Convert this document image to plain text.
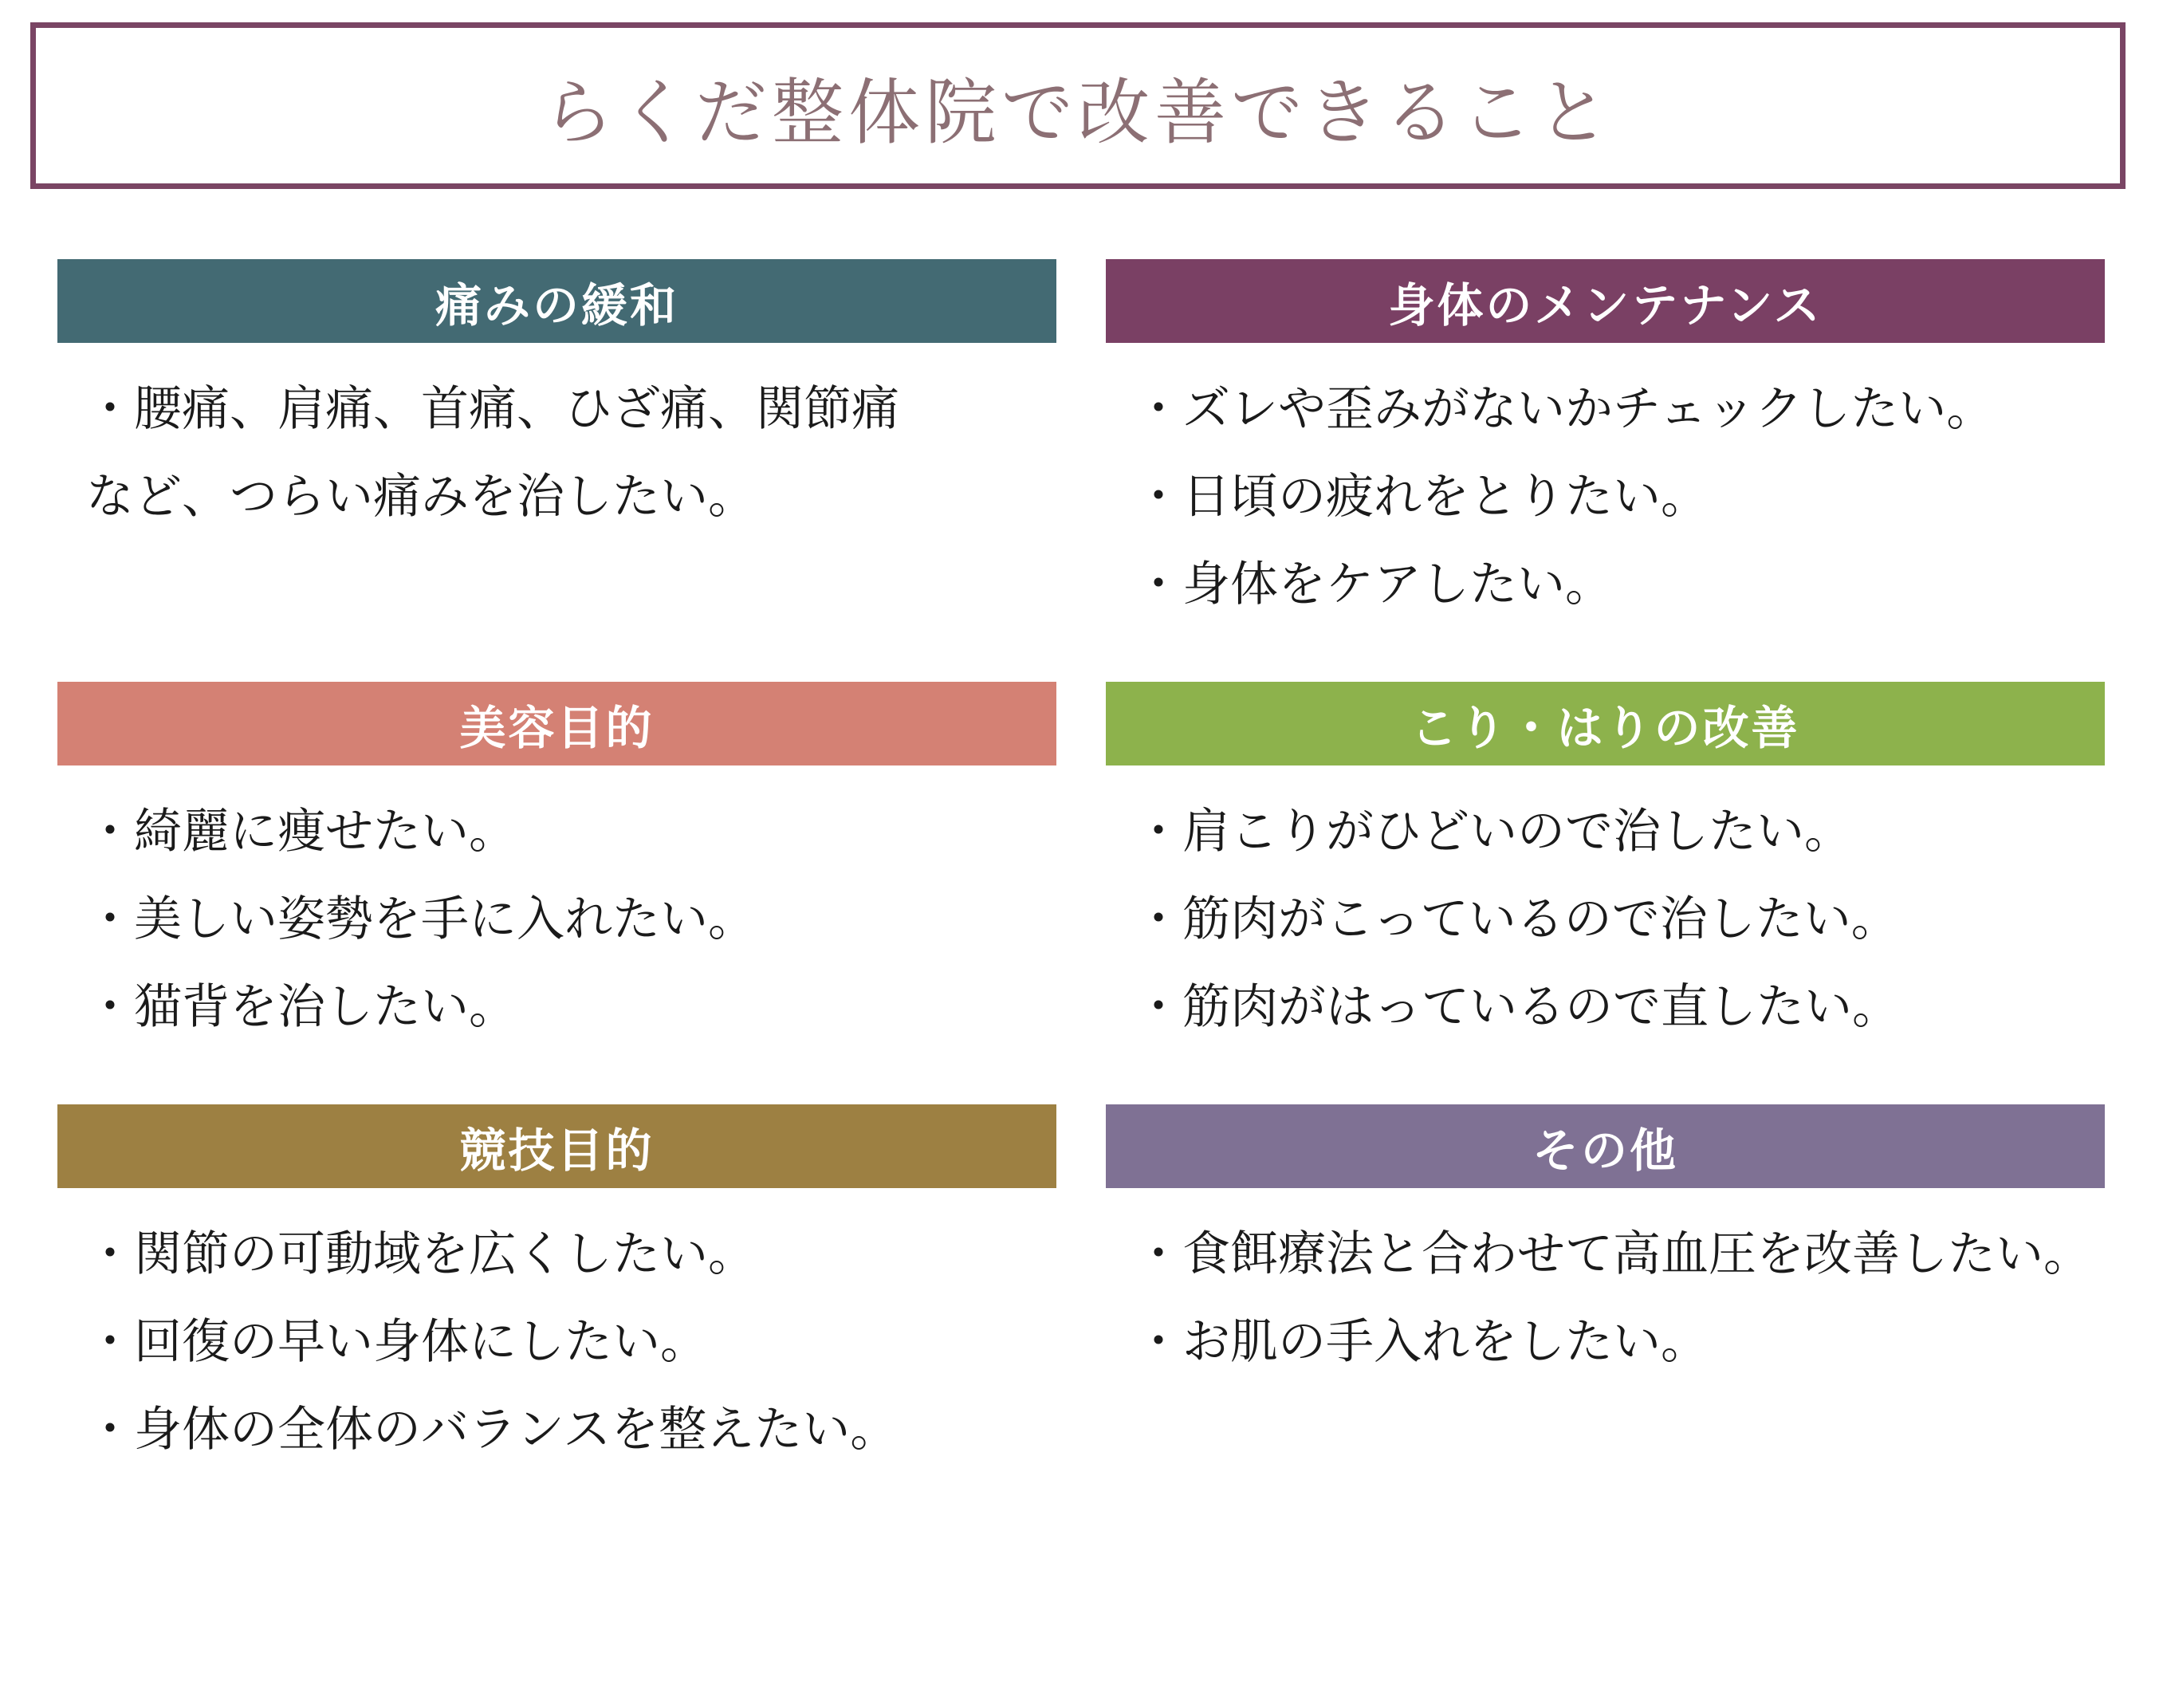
らくだ整体院で改善できること
痛みの緩和
・腰痛、肩痛、首痛、ひざ痛、関節痛
など、つらい痛みを治したい。
身体のメンテナンス
・ズレや歪みがないかチェックしたい。
・日頃の疲れをとりたい。
・身体をケアしたい。
美容目的
・綺麗に痩せたい。
・美しい姿勢を手に入れたい。
・猫背を治したい。
こり・はりの改善
・肩こりがひどいので治したい。
・筋肉がこっているので治したい。
・筋肉がはっているので直したい。
競技目的
・関節の可動域を広くしたい。
・回復の早い身体にしたい。
・身体の全体のバランスを整えたい。
その他
・食餌療法と合わせて高血圧を改善したい。
・お肌の手入れをしたい。
